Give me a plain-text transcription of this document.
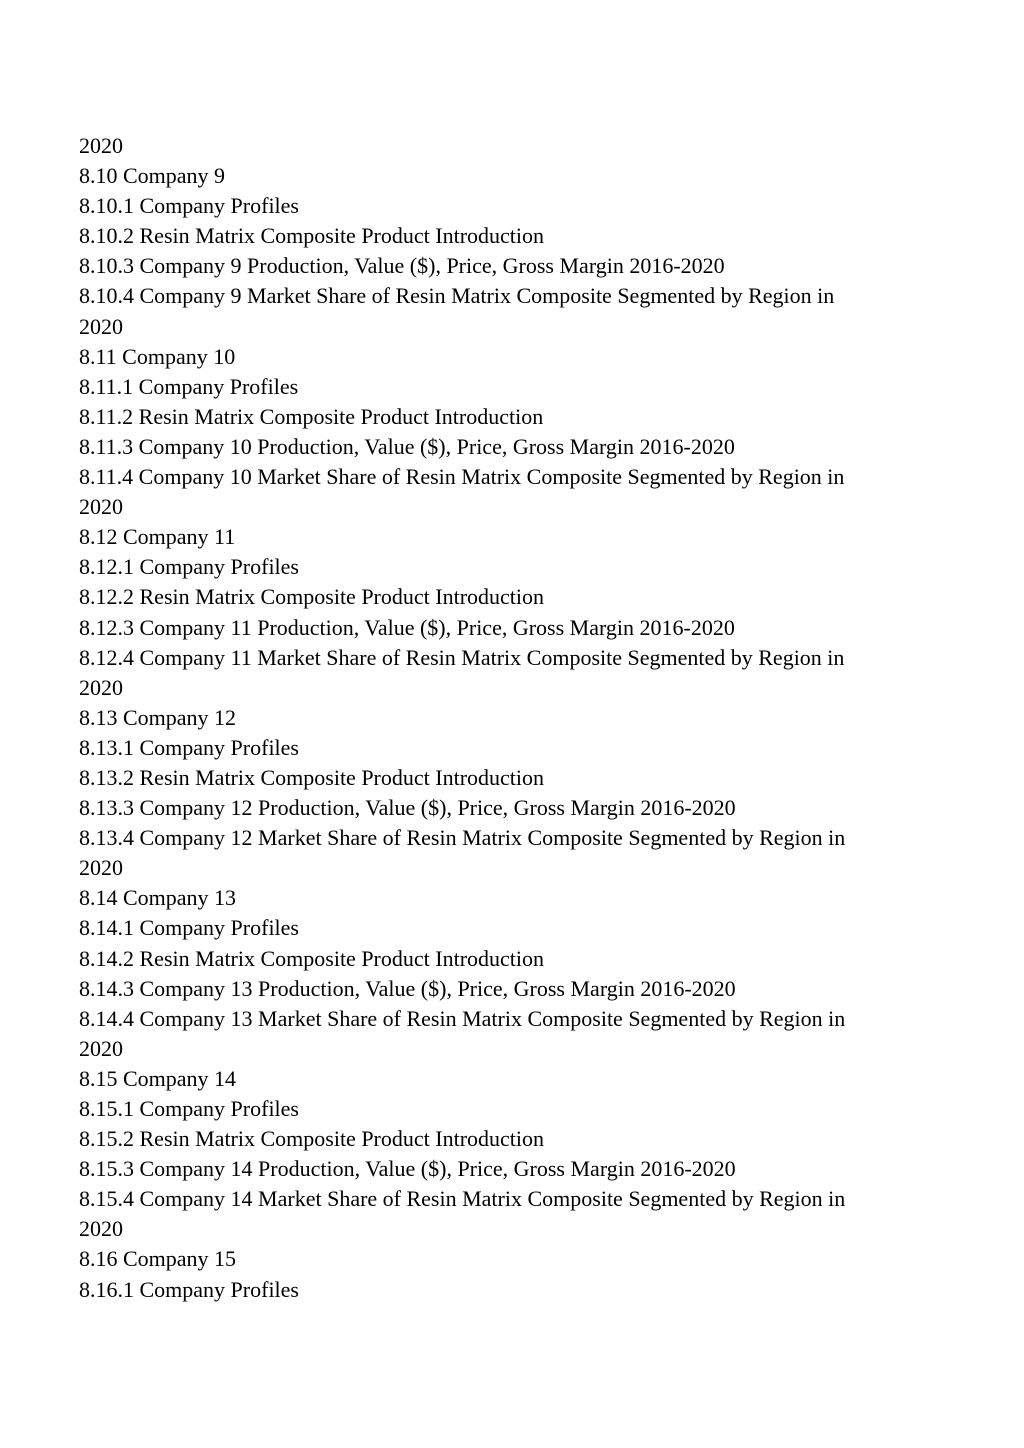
2020
8.10 Company 9
8.10.1 Company Profiles
8.10.2 Resin Matrix Composite Product Introduction
8.10.3 Company 9 Production, Value ($), Price, Gross Margin 2016-2020
8.10.4 Company 9 Market Share of Resin Matrix Composite Segmented by Region in
2020
8.11 Company 10
8.11.1 Company Profiles
8.11.2 Resin Matrix Composite Product Introduction
8.11.3 Company 10 Production, Value ($), Price, Gross Margin 2016-2020
8.11.4 Company 10 Market Share of Resin Matrix Composite Segmented by Region in
2020
8.12 Company 11
8.12.1 Company Profiles
8.12.2 Resin Matrix Composite Product Introduction
8.12.3 Company 11 Production, Value ($), Price, Gross Margin 2016-2020
8.12.4 Company 11 Market Share of Resin Matrix Composite Segmented by Region in
2020
8.13 Company 12
8.13.1 Company Profiles
8.13.2 Resin Matrix Composite Product Introduction
8.13.3 Company 12 Production, Value ($), Price, Gross Margin 2016-2020
8.13.4 Company 12 Market Share of Resin Matrix Composite Segmented by Region in
2020
8.14 Company 13
8.14.1 Company Profiles
8.14.2 Resin Matrix Composite Product Introduction
8.14.3 Company 13 Production, Value ($), Price, Gross Margin 2016-2020
8.14.4 Company 13 Market Share of Resin Matrix Composite Segmented by Region in
2020
8.15 Company 14
8.15.1 Company Profiles
8.15.2 Resin Matrix Composite Product Introduction
8.15.3 Company 14 Production, Value ($), Price, Gross Margin 2016-2020
8.15.4 Company 14 Market Share of Resin Matrix Composite Segmented by Region in
2020
8.16 Company 15
8.16.1 Company Profiles
